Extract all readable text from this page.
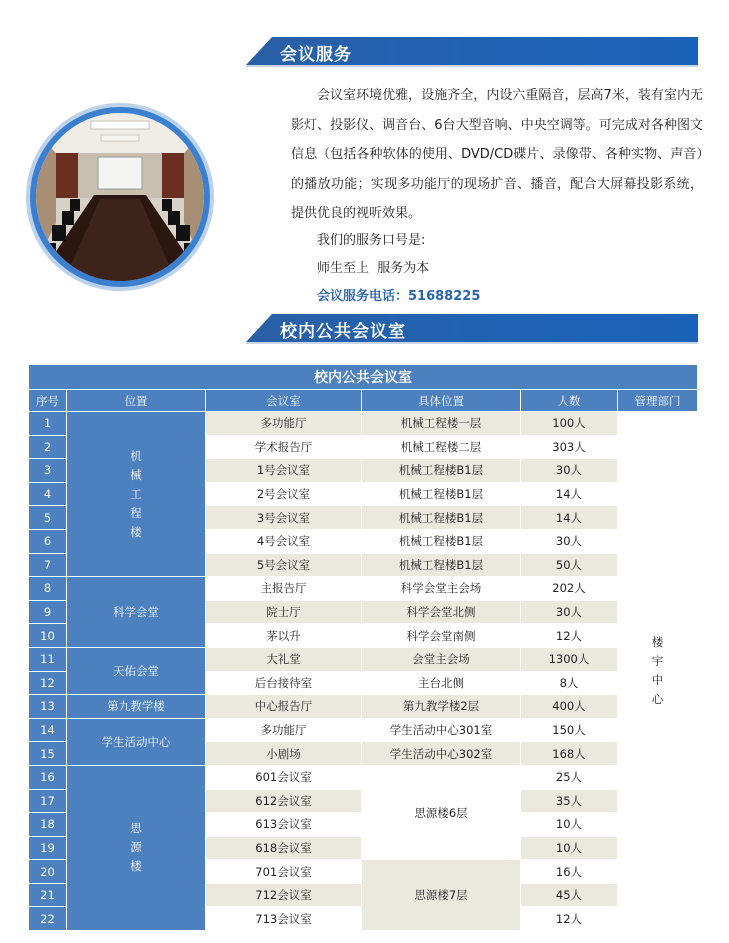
会议服务

会议室环境优雅，设施齐全，内设六重隔音，层高7米，装有室内无影灯、投影仪、调音台、6台大型音响、中央空调等。可完成对各种图文信息（包括各种软体的使用、DVD/CD碟片、录像带、各种实物、声音）的播放功能；实现多功能厅的现场扩音、播音，配合大屏幕投影系统，提供优良的视听效果。

我们的服务口号是:
师生至上  服务为本
会议服务电话：51688225
校内公共会议室
校内公共会议室					
序号	位置	会议室	具体位置	人数	管理部门
1	机械工程楼	多功能厅	机械工程楼一层	100人	楼宇中心
2		学术报告厅	机械工程楼二层	303人	
3		1号会议室	机械工程楼B1层	30人	
4		2号会议室	机械工程楼B1层	14人	
5		3号会议室	机械工程楼B1层	14人	
6		4号会议室	机械工程楼B1层	30人	
7		5号会议室	机械工程楼B1层	50人	
8	科学会堂	主报告厅	科学会堂主会场	202人	
9		院士厅	科学会堂北侧	30人	
10		茅以升	科学会堂南侧	12人	
11	天佑会堂	大礼堂	会堂主会场	1300人	
12		后台接待室	主台北侧	8人	
13	第九教学楼	中心报告厅	第九教学楼2层	400人	
14	学生活动中心	多功能厅	学生活动中心301室	150人	
15		小剧场	学生活动中心302室	168人	
16	思源楼	601会议室	思源楼6层	25人	
17		612会议室		35人	
18		613会议室		10人	
19		618会议室		10人	
20		701会议室	思源楼7层	16人	
21		712会议室		45人	
22		713会议室		12人	
